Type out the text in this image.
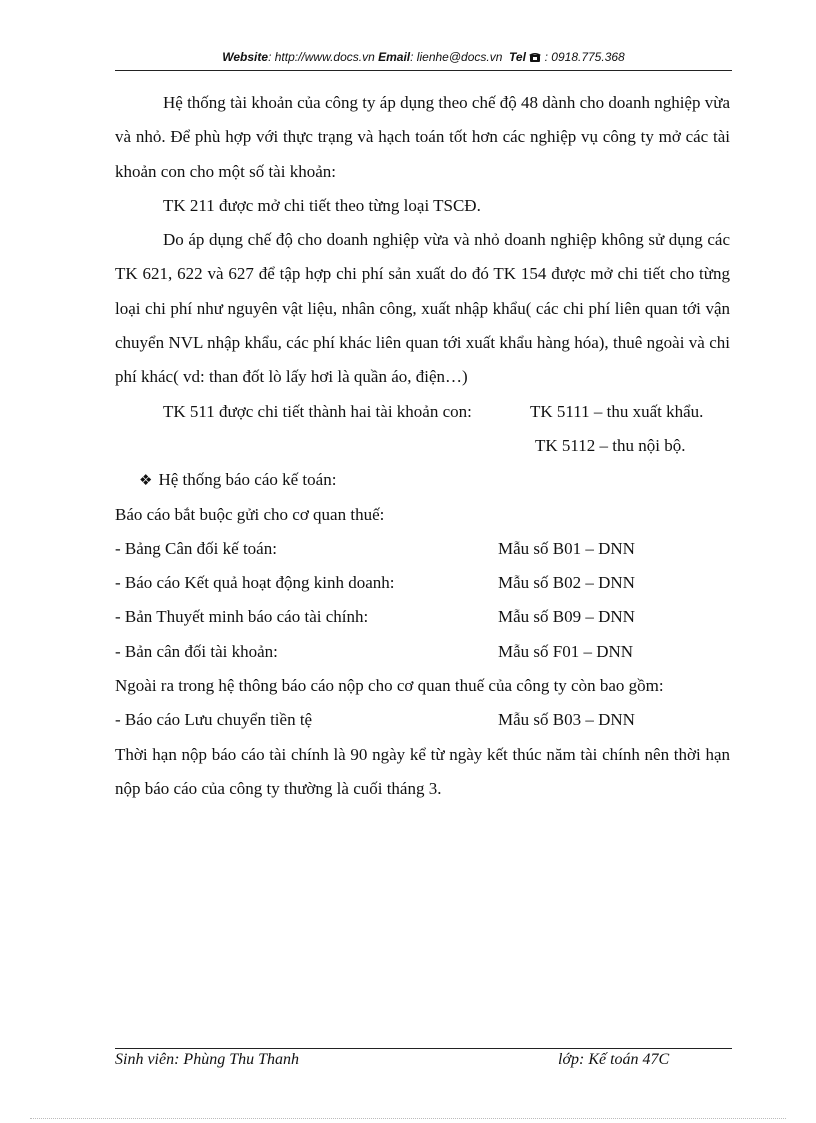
Website: http://www.docs.vn Email: lienhe@docs.vn Tel : 0918.775.368

Hệ thống tài khoản của công ty áp dụng theo chế độ 48 dành cho doanh nghiệp vừa và nhỏ. Để phù hợp với thực trạng và hạch toán tốt hơn các nghiệp vụ công ty mở các tài khoản con cho một số tài khoản:

TK 211 được mở chi tiết theo từng loại TSCĐ.

Do áp dụng chế độ cho doanh nghiệp vừa và nhỏ doanh nghiệp không sử dụng các TK 621, 622 và 627 để tập hợp chi phí sản xuất do đó TK 154 được mở chi tiết cho từng loại chi phí như nguyên vật liệu, nhân công, xuất nhập khẩu( các chi phí liên quan tới vận chuyển NVL nhập khẩu, các phí khác liên quan tới xuất khẩu hàng hóa), thuê ngoài và chi phí khác( vd: than đốt lò lấy hơi là quần áo, điện…)

TK 511 được chi tiết thành hai tài khoản con:	TK 5111 – thu xuất khẩu.
TK 5112 – thu nội bộ.
❖ Hệ thống báo cáo kế toán:
Báo cáo bắt buộc gửi cho cơ quan thuế:
- Bảng Cân đối kế toán:	Mẫu số B01 – DNN
- Báo cáo Kết quả hoạt động kinh doanh:	Mẫu số B02 – DNN
- Bản Thuyết minh báo cáo tài chính:	Mẫu số B09 – DNN
- Bản cân đối tài khoản:	Mẫu số F01 – DNN
Ngoài ra trong hệ thông báo cáo nộp cho cơ quan thuế của công ty còn bao gồm:
- Báo cáo Lưu chuyển tiền tệ	Mẫu số B03 – DNN

Thời hạn nộp báo cáo tài chính là 90 ngày kể từ ngày kết thúc năm tài chính nên thời hạn nộp báo cáo của công ty thường là cuối tháng 3.

Sinh viên: Phùng Thu Thanh	lớp: Kế toán 47C
